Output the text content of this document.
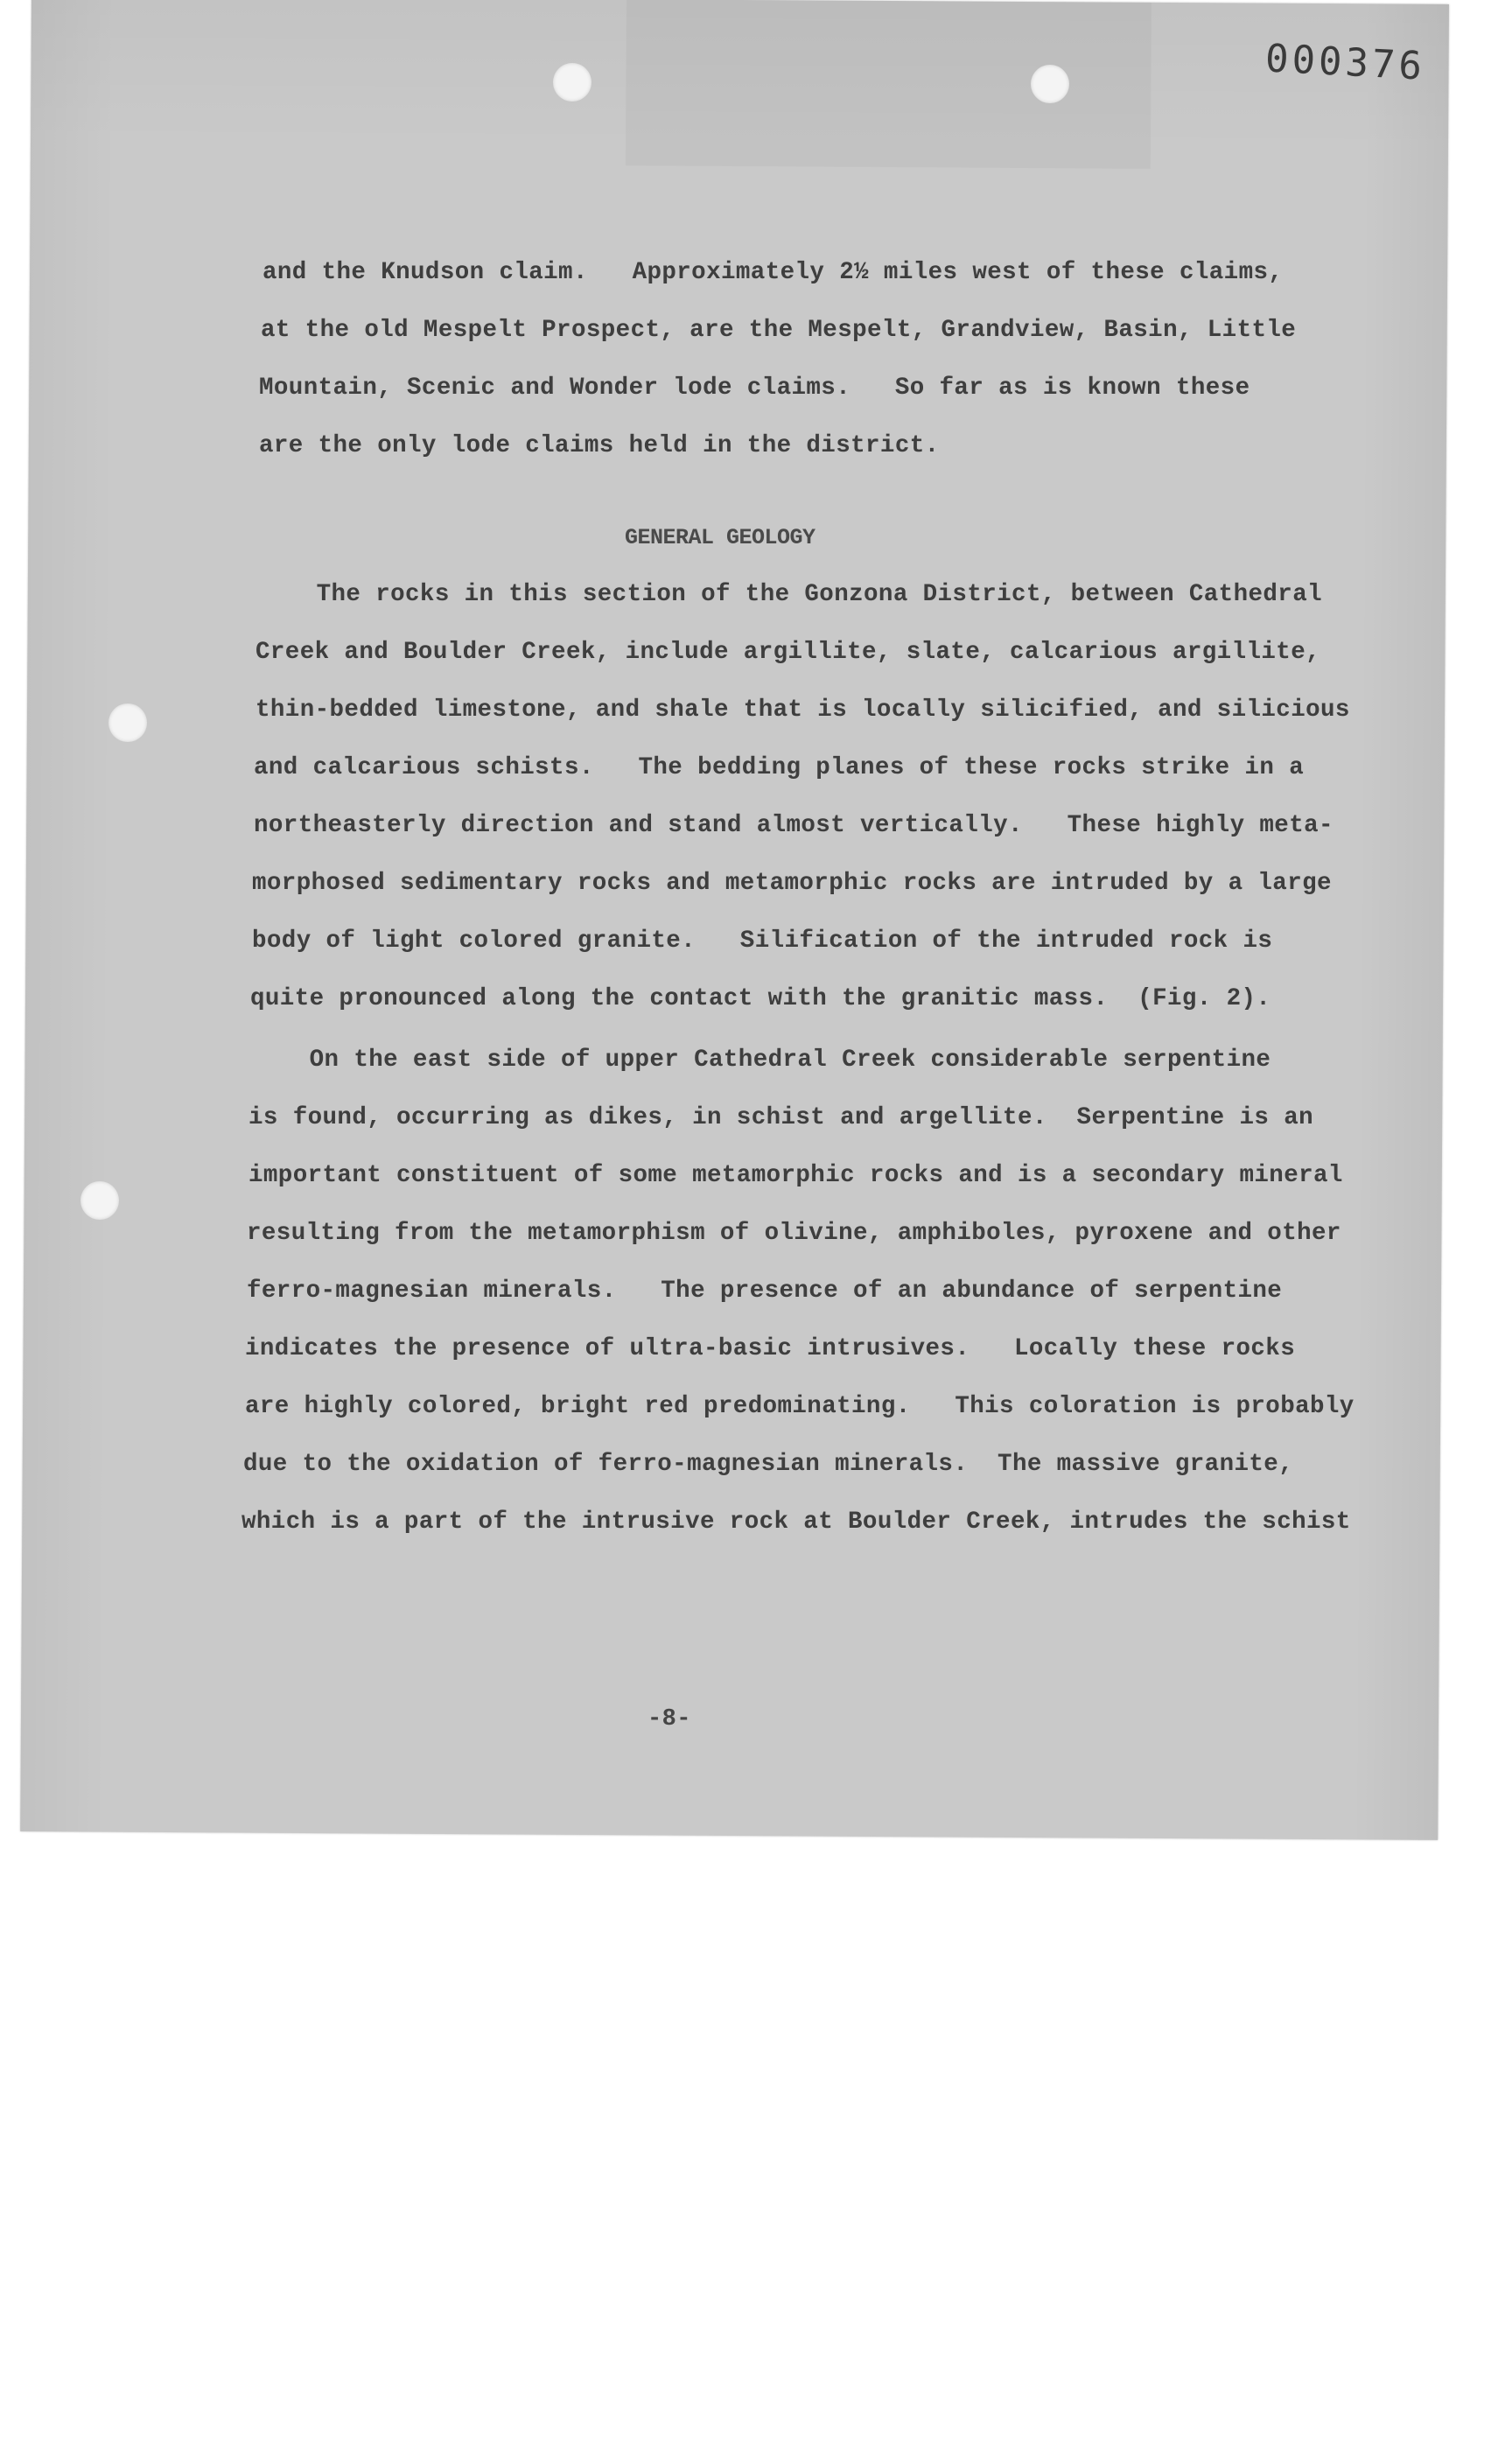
000376
and the Knudson claim.   Approximately 2½ miles west of these claims,
at the old Mespelt Prospect, are the Mespelt, Grandview, Basin, Little
Mountain, Scenic and Wonder lode claims.   So far as is known these
are the only lode claims held in the district.
GENERAL GEOLOGY
The rocks in this section of the Gonzona District, between Cathedral
Creek and Boulder Creek, include argillite, slate, calcarious argillite,
thin-bedded limestone, and shale that is locally silicified, and silicious
and calcarious schists.   The bedding planes of these rocks strike in a
northeasterly direction and stand almost vertically.   These highly meta-
morphosed sedimentary rocks and metamorphic rocks are intruded by a large
body of light colored granite.   Silification of the intruded rock is
quite pronounced along the contact with the granitic mass.  (Fig. 2).
On the east side of upper Cathedral Creek considerable serpentine
is found, occurring as dikes, in schist and argellite.  Serpentine is an
important constituent of some metamorphic rocks and is a secondary mineral
resulting from the metamorphism of olivine, amphiboles, pyroxene and other
ferro-magnesian minerals.   The presence of an abundance of serpentine
indicates the presence of ultra-basic intrusives.   Locally these rocks
are highly colored, bright red predominating.   This coloration is probably
due to the oxidation of ferro-magnesian minerals.  The massive granite,
which is a part of the intrusive rock at Boulder Creek, intrudes the schist
-8-
